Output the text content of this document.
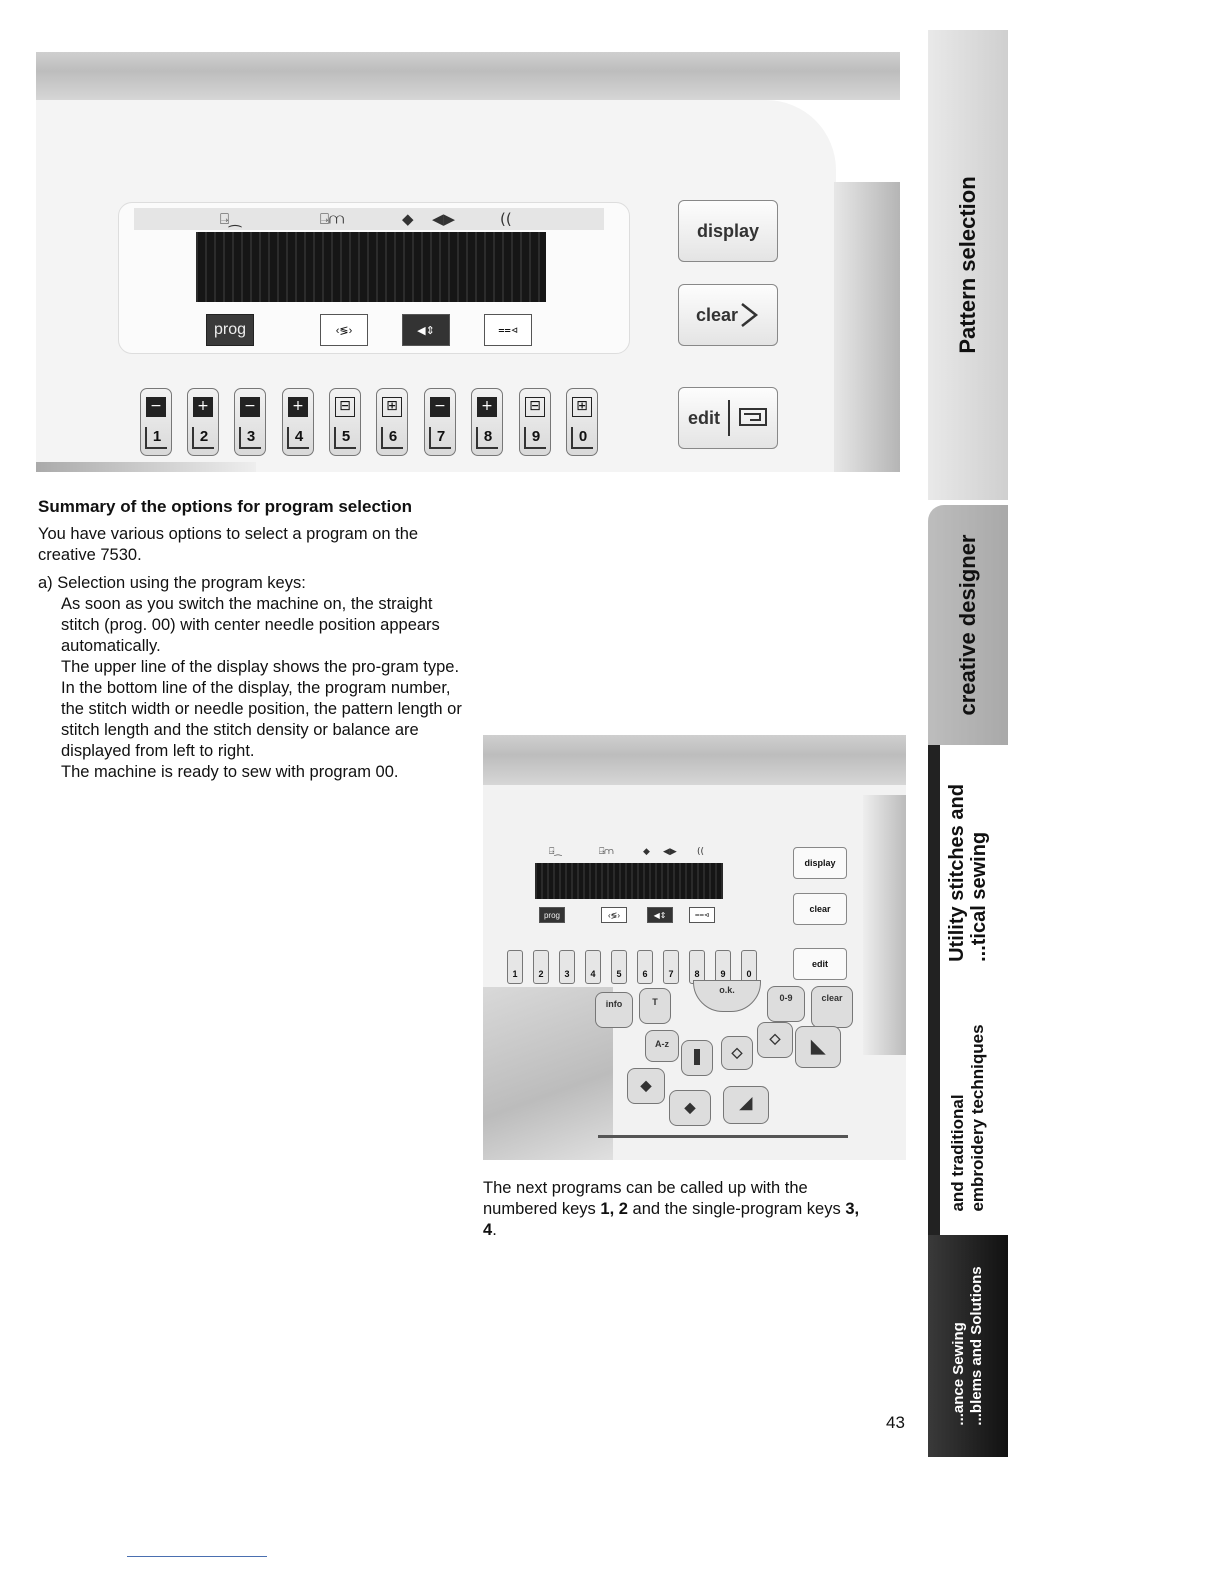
⍈⁔	⍈⩋	◆ ◀▶	((
prog	‹≶›	◀⇕	⩵⊲
−
1
+
2
−
3
+
4
⊟
5
⊞
6
−
7
+
8
⊟
9
⊞
0
display
clear
edit
Summary of the options for program selection
You have various options to select a program on the creative 7530.
a) Selection using the program keys:
As soon as you switch the machine on, the straight stitch (prog. 00) with center needle position appears automatically.
The upper line of the display shows the pro-gram type.
In the bottom line of the display, the program number, the stitch width or needle position, the pattern length or stitch length and the stitch density or balance are displayed from left to right.
The machine is ready to sew with program 00.
⍈⁔	⍈⩋	◆ ◀▶ ((
prog	‹≶›	◀⇕	⩵⊲
display
clear
edit
1	2	3	4	5	6	7	8	9	0
info	T
o.k.
0-9	clear
A-z	◇
◇	◣
◆
◆	◢
The next programs can be called up with the numbered keys 1, 2 and the single-program keys 3, 4.
43
Pattern selection
creative designer
Utility stitches and ...tical sewing
and traditional embroidery techniques
...ance Sewing ...blems and Solutions
